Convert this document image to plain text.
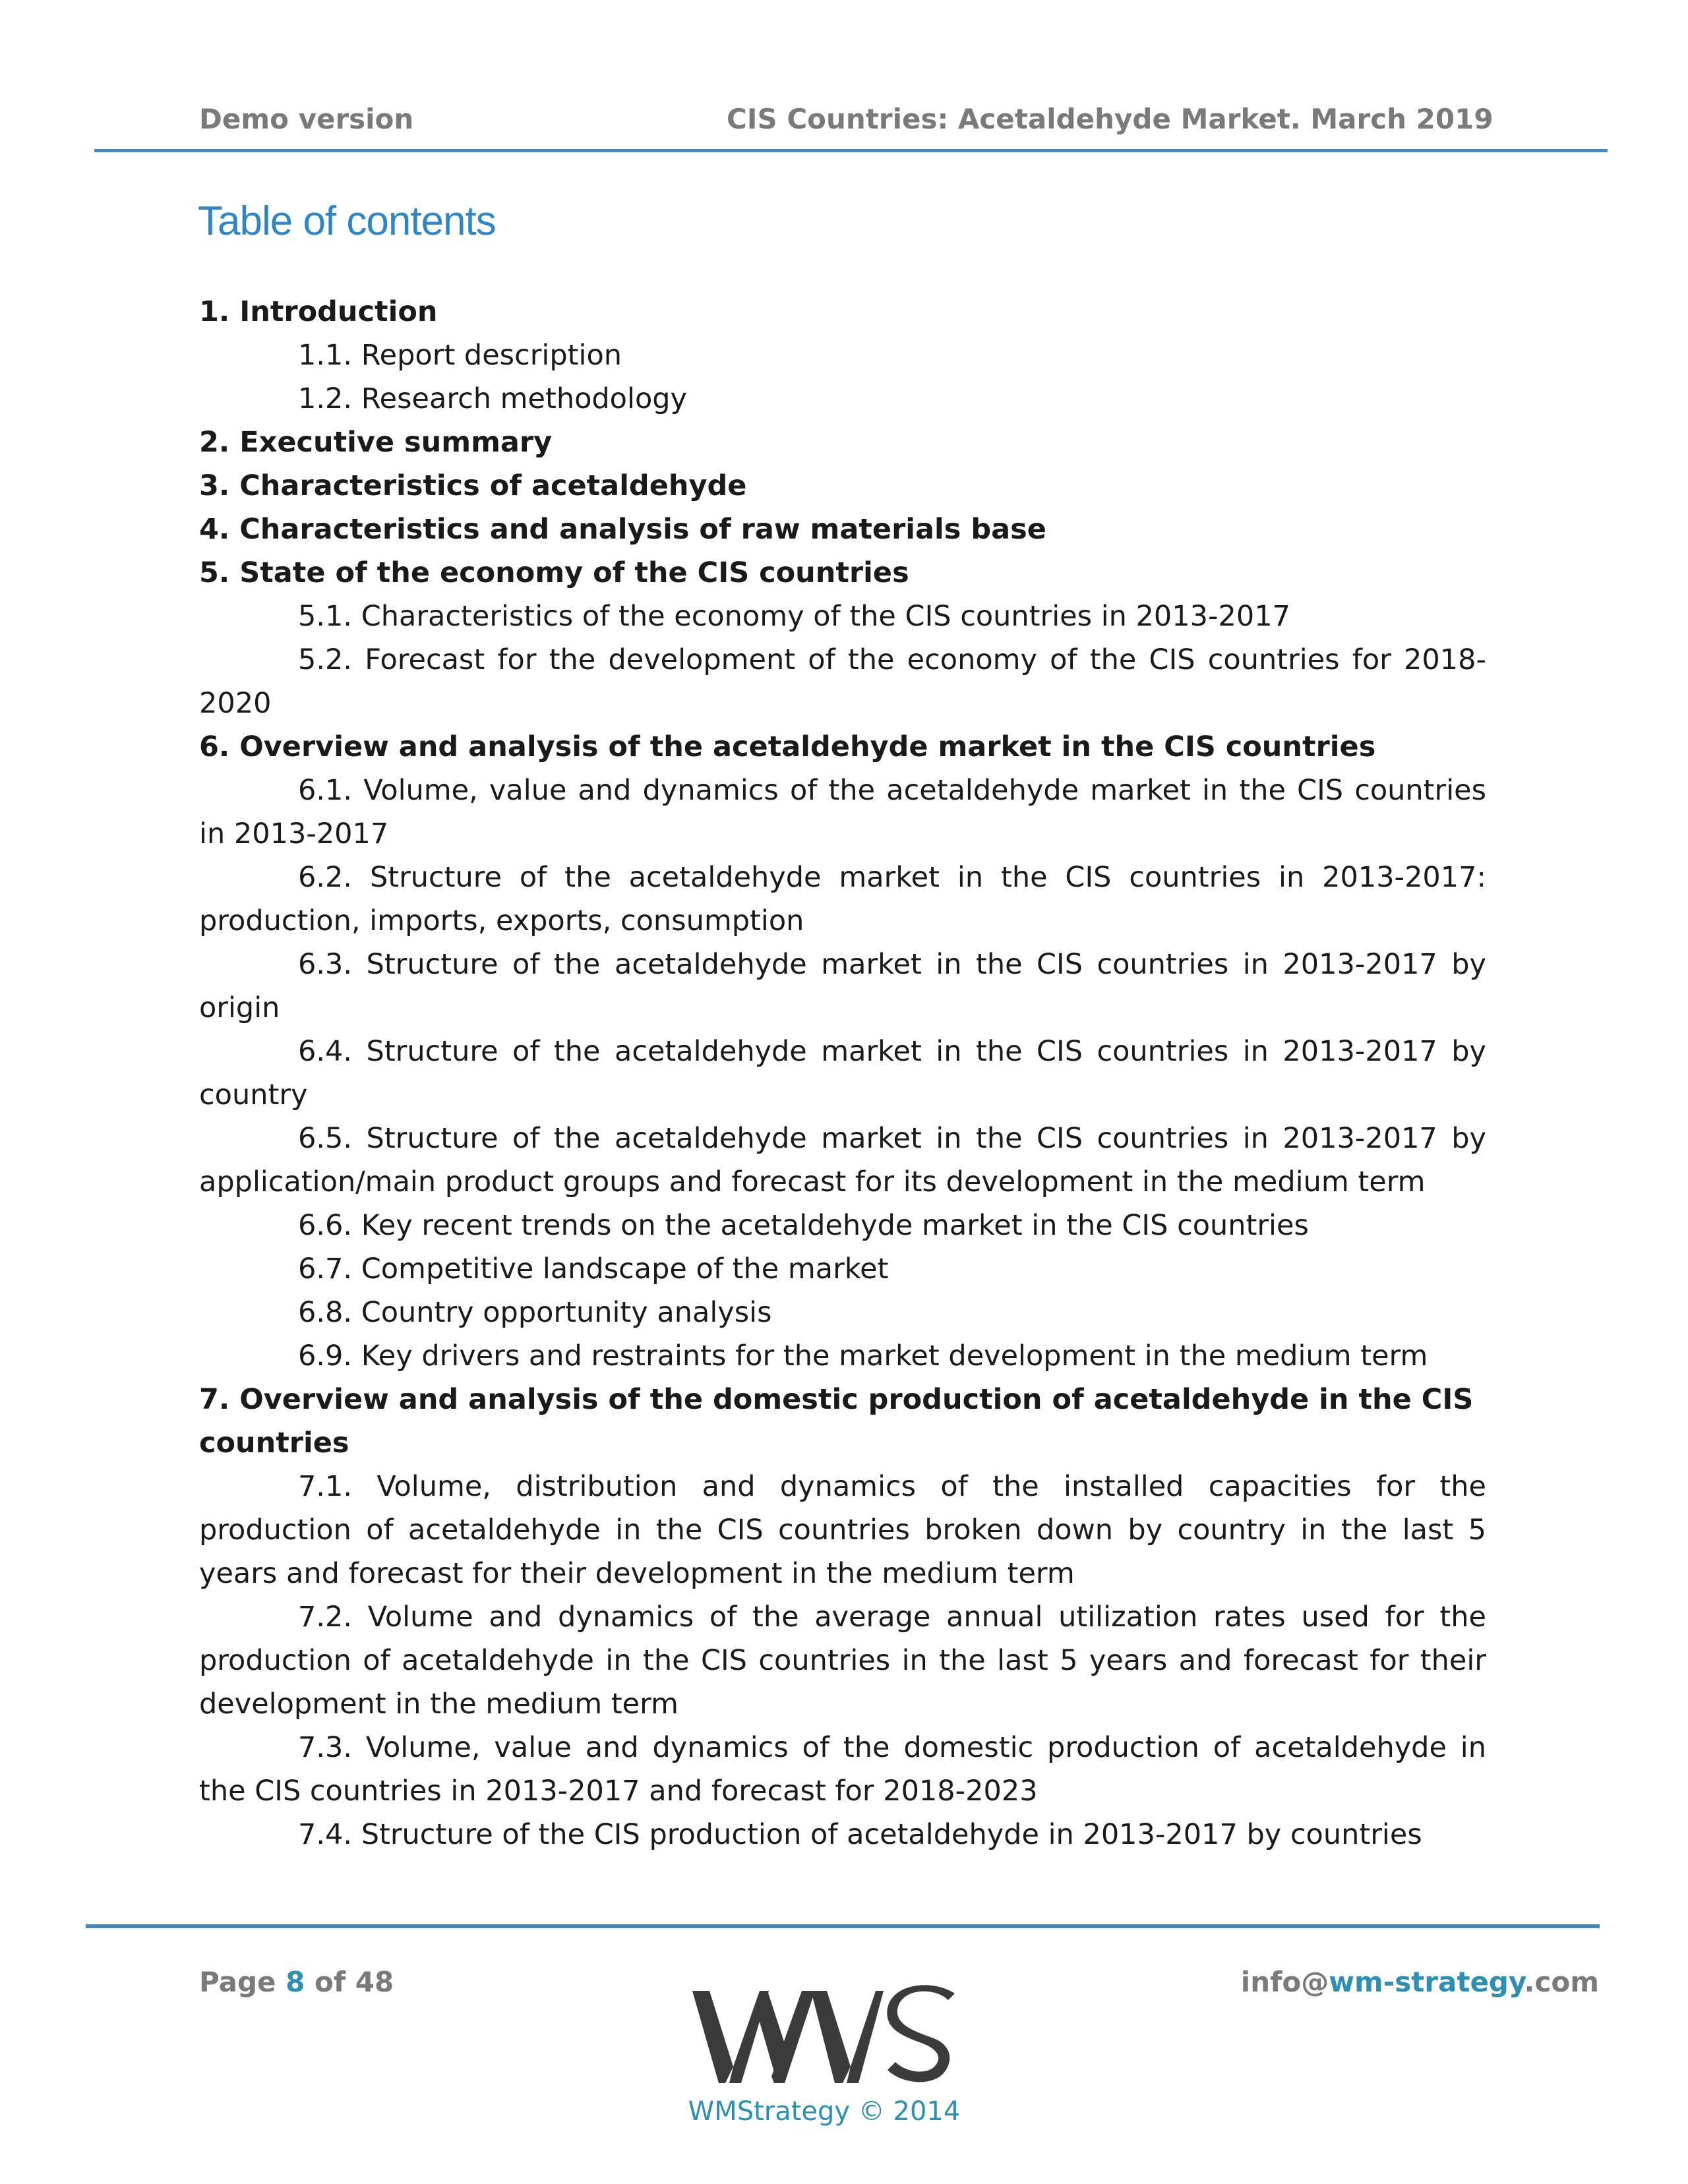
Demo version	CIS Countries: Acetaldehyde Market. March 2019
Table of contents
1. Introduction
1.1. Report description
1.2. Research methodology
2. Executive summary
3. Characteristics of acetaldehyde
4. Characteristics and analysis of raw materials base
5. State of the economy of the CIS countries
5.1. Characteristics of the economy of the CIS countries in 2013-2017
5.2. Forecast for the development of the economy of the CIS countries for 2018-2020
6. Overview and analysis of the acetaldehyde market in the CIS countries
6.1. Volume, value and dynamics of the acetaldehyde market in the CIS countries in 2013-2017
6.2. Structure of the acetaldehyde market in the CIS countries in 2013-2017: production, imports, exports, consumption
6.3. Structure of the acetaldehyde market in the CIS countries in 2013-2017 by origin
6.4. Structure of the acetaldehyde market in the CIS countries in 2013-2017 by country
6.5. Structure of the acetaldehyde market in the CIS countries in 2013-2017 by application/main product groups and forecast for its development in the medium term
6.6. Key recent trends on the acetaldehyde market in the CIS countries
6.7. Competitive landscape of the market
6.8. Country opportunity analysis
6.9. Key drivers and restraints for the market development in the medium term
7. Overview and analysis of the domestic production of acetaldehyde in the CIS countries
7.1. Volume, distribution and dynamics of the installed capacities for the production of acetaldehyde in the CIS countries broken down by country in the last 5 years and forecast for their development in the medium term
7.2. Volume and dynamics of the average annual utilization rates used for the production of acetaldehyde in the CIS countries in the last 5 years and forecast for their development in the medium term
7.3. Volume, value and dynamics of the domestic production of acetaldehyde in the CIS countries in 2013-2017 and forecast for 2018-2023
7.4. Structure of the CIS production of acetaldehyde in 2013-2017 by countries
Page 8 of 48	info@wm-strategy.com
WMStrategy © 2014
